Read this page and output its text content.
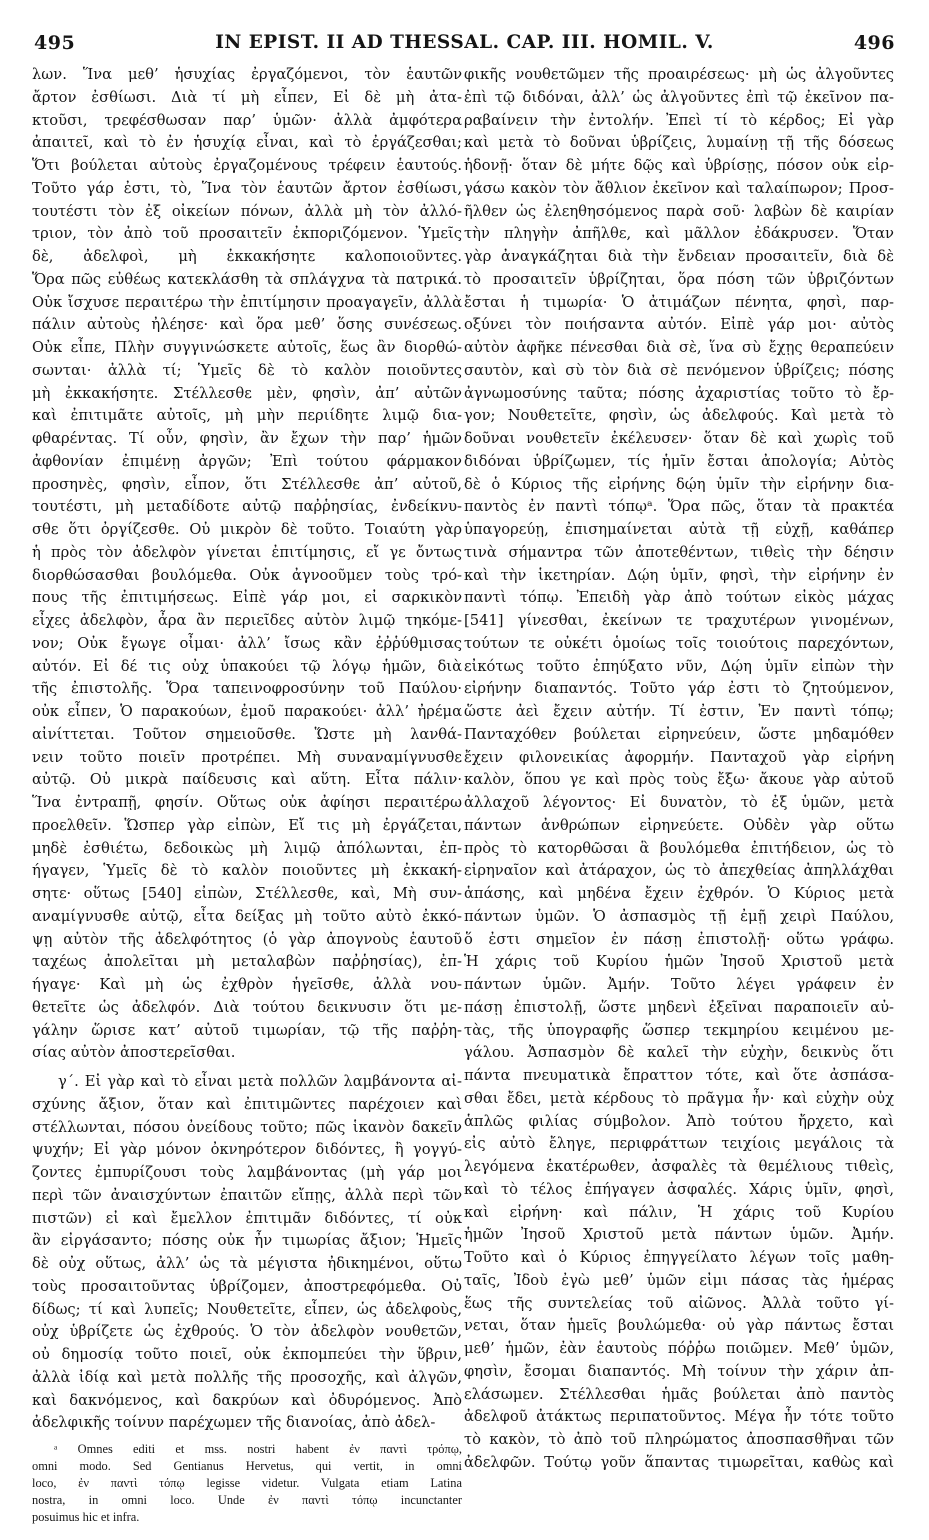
495	IN EPIST. II AD THESSAL. CAP. III. HOMIL. V.	496
λων. Ἵνα μεθ’ ἡσυχίας ἐργαζόμενοι, τὸν ἑαυτῶν
ἄρτον ἐσθίωσι. Διὰ τί μὴ εἶπεν, Εἰ δὲ μὴ ἀτα-
κτοῦσι, τρεφέσθωσαν παρ’ ὑμῶν· ἀλλὰ ἀμφότερα
ἀπαιτεῖ, καὶ τὸ ἐν ἡσυχίᾳ εἶναι, καὶ τὸ ἐργάζεσθαι;
Ὅτι βούλεται αὐτοὺς ἐργαζομένους τρέφειν ἑαυτούς.
Τοῦτο γάρ ἐστι, τὸ, Ἵνα τὸν ἑαυτῶν ἄρτον ἐσθίωσι,
τουτέστι τὸν ἐξ οἰκείων πόνων, ἀλλὰ μὴ τὸν ἀλλό-
τριον, τὸν ἀπὸ τοῦ προσαιτεῖν ἐκποριζόμενον. Ὑμεῖς
δὲ, ἀδελφοὶ, μὴ ἐκκακήσητε καλοποιοῦντες.
Ὅρα πῶς εὐθέως κατεκλάσθη τὰ σπλάγχνα τὰ πατρικά.
Οὐκ ἴσχυσε περαιτέρω τὴν ἐπιτίμησιν προαγαγεῖν, ἀλλὰ
πάλιν αὐτοὺς ἠλέησε· καὶ ὅρα μεθ’ ὅσης συνέσεως.
Οὐκ εἶπε, Πλὴν συγγινώσκετε αὐτοῖς, ἕως ἂν διορθώ-
σωνται· ἀλλὰ τί; Ὑμεῖς δὲ τὸ καλὸν ποιοῦντες
μὴ ἐκκακήσητε. Στέλλεσθε μὲν, φησὶν, ἀπ’ αὐτῶν
καὶ ἐπιτιμᾶτε αὐτοῖς, μὴ μὴν περιίδητε λιμῷ δια-
φθαρέντας. Τί οὖν, φησὶν, ἂν ἔχων τὴν παρ’ ἡμῶν
ἀφθονίαν ἐπιμένῃ ἀργῶν; Ἐπὶ τούτου φάρμακον
προσηνὲς, φησὶν, εἶπον, ὅτι Στέλλεσθε ἀπ’ αὐτοῦ,
τουτέστι, μὴ μεταδίδοτε αὐτῷ παῤῥησίας, ἐνδείκνυ-
σθε ὅτι ὀργίζεσθε. Οὐ μικρὸν δὲ τοῦτο. Τοιαύτη γὰρ
ἡ πρὸς τὸν ἀδελφὸν γίνεται ἐπιτίμησις, εἴ γε ὄντως
διορθώσασθαι βουλόμεθα. Οὐκ ἀγνοοῦμεν τοὺς τρό-
πους τῆς ἐπιτιμήσεως. Εἰπὲ γάρ μοι, εἰ σαρκικὸν
εἶχες ἀδελφὸν, ἆρα ἂν περιεῖδες αὐτὸν λιμῷ τηκόμε-
νον; Οὐκ ἔγωγε οἶμαι· ἀλλ’ ἴσως κἂν ἐῤῥύθμισας
αὐτόν. Εἰ δέ τις οὐχ ὑπακούει τῷ λόγῳ ἡμῶν, διὰ
τῆς ἐπιστολῆς. Ὅρα ταπεινοφροσύνην τοῦ Παύλου·
οὐκ εἶπεν, Ὁ παρακούων, ἐμοῦ παρακούει· ἀλλ’ ἠρέμα
αἰνίττεται. Τοῦτον σημειοῦσθε. Ὥστε μὴ λανθά-
νειν τοῦτο ποιεῖν προτρέπει. Μὴ συναναμίγνυσθε
αὐτῷ. Οὐ μικρὰ παίδευσις καὶ αὕτη. Εἶτα πάλιν·
Ἵνα ἐντραπῇ, φησίν. Οὕτως οὐκ ἀφίησι περαιτέρω
προελθεῖν. Ὥσπερ γὰρ εἰπὼν, Εἴ τις μὴ ἐργάζεται,
μηδὲ ἐσθιέτω, δεδοικὼς μὴ λιμῷ ἀπόλωνται, ἐπ-
ήγαγεν, Ὑμεῖς δὲ τὸ καλὸν ποιοῦντες μὴ ἐκκακή-
σητε· οὕτως [540] εἰπὼν, Στέλλεσθε, καὶ, Μὴ συν-
αναμίγνυσθε αὐτῷ, εἶτα δείξας μὴ τοῦτο αὐτὸ ἐκκό-
ψῃ αὐτὸν τῆς ἀδελφότητος (ὁ γὰρ ἀπογνοὺς ἑαυτοῦ
ταχέως ἀπολεῖται μὴ μεταλαβὼν παῤῥησίας), ἐπ-
ήγαγε· Καὶ μὴ ὡς ἐχθρὸν ἡγεῖσθε, ἀλλὰ νου-
θετεῖτε ὡς ἀδελφόν. Διὰ τούτου δεικνυσιν ὅτι με-
γάλην ὥρισε κατ’ αὐτοῦ τιμωρίαν, τῷ τῆς παῤῥη-
σίας αὐτὸν ἀποστερεῖσθαι.
γ΄. Εἰ γὰρ καὶ τὸ εἶναι μετὰ πολλῶν λαμβάνοντα αἰ-
σχύνης ἄξιον, ὅταν καὶ ἐπιτιμῶντες παρέχοιεν καὶ
στέλλωνται, πόσου ὀνείδους τοῦτο; πῶς ἱκανὸν δακεῖν
ψυχήν; Εἰ γὰρ μόνον ὀκνηρότερον διδόντες, ἢ γογγύ-
ζοντες ἐμπυρίζουσι τοὺς λαμβάνοντας (μὴ γάρ μοι
περὶ τῶν ἀναισχύντων ἐπαιτῶν εἴπῃς, ἀλλὰ περὶ τῶν
πιστῶν) εἰ καὶ ἔμελλον ἐπιτιμᾶν διδόντες, τί οὐκ
ἂν εἰργάσαντο; πόσης οὐκ ἦν τιμωρίας ἄξιον; Ἡμεῖς
δὲ οὐχ οὕτως, ἀλλ’ ὡς τὰ μέγιστα ἠδικημένοι, οὕτω
τοὺς προσαιτοῦντας ὑβρίζομεν, ἀποστρεφόμεθα. Οὐ
δίδως; τί καὶ λυπεῖς; Νουθετεῖτε, εἶπεν, ὡς ἀδελφοὺς,
οὐχ ὑβρίζετε ὡς ἐχθρούς. Ὁ τὸν ἀδελφὸν νουθετῶν,
οὐ δημοσίᾳ τοῦτο ποιεῖ, οὐκ ἐκπομπεύει τὴν ὕβριν,
ἀλλὰ ἰδίᾳ καὶ μετὰ πολλῆς τῆς προσοχῆς, καὶ ἀλγῶν,
καὶ δακνόμενος, καὶ δακρύων καὶ ὀδυρόμενος. Ἀπὸ
ἀδελφικῆς τοίνυν παρέχωμεν τῆς διανοίας, ἀπὸ ἀδελ-
ᵃ Omnes editi et mss. nostri habent ἐν παντὶ τρόπῳ,
omni modo. Sed Gentianus Hervetus, qui vertit, in omni
loco, ἐν παντὶ τόπῳ legisse videtur. Vulgata etiam Latina
nostra, in omni loco. Unde ἐν παντὶ τόπῳ incunctanter
posuimus hic et infra.
φικῆς νουθετῶμεν τῆς προαιρέσεως· μὴ ὡς ἀλγοῦντες
ἐπὶ τῷ διδόναι, ἀλλ’ ὡς ἀλγοῦντες ἐπὶ τῷ ἐκεῖνον πα-
ραβαίνειν τὴν ἐντολήν. Ἐπεὶ τί τὸ κέρδος; Εἰ γὰρ
καὶ μετὰ τὸ δοῦναι ὑβρίζεις, λυμαίνῃ τῇ τῆς δόσεως
ἡδονῇ· ὅταν δὲ μήτε δῷς καὶ ὑβρίσῃς, πόσον οὐκ εἰρ-
γάσω κακὸν τὸν ἄθλιον ἐκεῖνον καὶ ταλαίπωρον; Προσ-
ῆλθεν ὡς ἐλεηθησόμενος παρὰ σοῦ· λαβὼν δὲ καιρίαν
τὴν πληγὴν ἀπῆλθε, καὶ μᾶλλον ἐδάκρυσεν. Ὅταν
γὰρ ἀναγκάζηται διὰ τὴν ἔνδειαν προσαιτεῖν, διὰ δὲ
τὸ προσαιτεῖν ὑβρίζηται, ὅρα πόση τῶν ὑβριζόντων
ἔσται ἡ τιμωρία· Ὁ ἀτιμάζων πένητα, φησὶ, παρ-
οξύνει τὸν ποιήσαντα αὐτόν. Εἰπὲ γάρ μοι· αὐτὸς
αὐτὸν ἀφῆκε πένεσθαι διὰ σὲ, ἵνα σὺ ἔχῃς θεραπεύειν
σαυτὸν, καὶ σὺ τὸν διὰ σὲ πενόμενον ὑβρίζεις; πόσης
ἀγνωμοσύνης ταῦτα; πόσης ἀχαριστίας τοῦτο τὸ ἔρ-
γον; Νουθετεῖτε, φησὶν, ὡς ἀδελφούς. Καὶ μετὰ τὸ
δοῦναι νουθετεῖν ἐκέλευσεν· ὅταν δὲ καὶ χωρὶς τοῦ
διδόναι ὑβρίζωμεν, τίς ἡμῖν ἔσται ἀπολογία; Αὐτὸς
δὲ ὁ Κύριος τῆς εἰρήνης δῴη ὑμῖν τὴν εἰρήνην δια-
παντὸς ἐν παντὶ τόπῳᵃ. Ὅρα πῶς, ὅταν τὰ πρακτέα
ὑπαγορεύῃ, ἐπισημαίνεται αὐτὰ τῇ εὐχῇ, καθάπερ
τινὰ σήμαντρα τῶν ἀποτεθέντων, τιθεὶς τὴν δέησιν
καὶ τὴν ἱκετηρίαν. Δῴη ὑμῖν, φησὶ, τὴν εἰρήνην ἐν
παντὶ τόπῳ. Ἐπειδὴ γὰρ ἀπὸ τούτων εἰκὸς μάχας
[541] γίνεσθαι, ἐκείνων τε τραχυτέρων γινομένων,
τούτων τε οὐκέτι ὁμοίως τοῖς τοιούτοις παρεχόντων,
εἰκότως τοῦτο ἐπηύξατο νῦν, Δῴη ὑμῖν εἰπὼν τὴν
εἰρήνην διαπαντός. Τοῦτο γάρ ἐστι τὸ ζητούμενον,
ὥστε ἀεὶ ἔχειν αὐτήν. Τί ἐστιν, Ἐν παντὶ τόπῳ;
Πανταχόθεν βούλεται εἰρηνεύειν, ὥστε μηδαμόθεν
ἔχειν φιλονεικίας ἀφορμήν. Πανταχοῦ γὰρ εἰρήνη
καλὸν, ὅπου γε καὶ πρὸς τοὺς ἔξω· ἄκουε γὰρ αὐτοῦ
ἀλλαχοῦ λέγοντος· Εἰ δυνατὸν, τὸ ἐξ ὑμῶν, μετὰ
πάντων ἀνθρώπων εἰρηνεύετε. Οὐδὲν γὰρ οὕτω
πρὸς τὸ κατορθῶσαι ἃ βουλόμεθα ἐπιτήδειον, ὡς τὸ
εἰρηναῖον καὶ ἀτάραχον, ὡς τὸ ἀπεχθείας ἀπηλλάχθαι
ἁπάσης, καὶ μηδένα ἔχειν ἐχθρόν. Ὁ Κύριος μετὰ
πάντων ὑμῶν. Ὁ ἀσπασμὸς τῇ ἐμῇ χειρὶ Παύλου,
ὅ ἐστι σημεῖον ἐν πάσῃ ἐπιστολῇ· οὕτω γράφω.
Ἡ χάρις τοῦ Κυρίου ἡμῶν Ἰησοῦ Χριστοῦ μετὰ
πάντων ὑμῶν. Ἀμήν. Τοῦτο λέγει γράφειν ἐν
πάσῃ ἐπιστολῇ, ὥστε μηδενὶ ἐξεῖναι παραποιεῖν αὐ-
τὰς, τῆς ὑπογραφῆς ὥσπερ τεκμηρίου κειμένου με-
γάλου. Ἀσπασμὸν δὲ καλεῖ τὴν εὐχὴν, δεικνὺς ὅτι
πάντα πνευματικὰ ἔπραττον τότε, καὶ ὅτε ἀσπάσα-
σθαι ἔδει, μετὰ κέρδους τὸ πρᾶγμα ἦν· καὶ εὐχὴν οὐχ
ἁπλῶς φιλίας σύμβολον. Ἀπὸ τούτου ἤρχετο, καὶ
εἰς αὐτὸ ἔληγε, περιφράττων τειχίοις μεγάλοις τὰ
λεγόμενα ἑκατέρωθεν, ἀσφαλὲς τὰ θεμέλιους τιθεὶς,
καὶ τὸ τέλος ἐπήγαγεν ἀσφαλές. Χάρις ὑμῖν, φησὶ,
καὶ εἰρήνη· καὶ πάλιν, Ἡ χάρις τοῦ Κυρίου
ἡμῶν Ἰησοῦ Χριστοῦ μετὰ πάντων ὑμῶν. Ἀμήν.
Τοῦτο καὶ ὁ Κύριος ἐπηγγείλατο λέγων τοῖς μαθη-
ταῖς, Ἰδοὺ ἐγὼ μεθ’ ὑμῶν εἰμι πάσας τὰς ἡμέρας
ἕως τῆς συντελείας τοῦ αἰῶνος. Ἀλλὰ τοῦτο γί-
νεται, ὅταν ἡμεῖς βουλώμεθα· οὐ γὰρ πάντως ἔσται
μεθ’ ἡμῶν, ἐὰν ἑαυτοὺς πόῤῥω ποιῶμεν. Μεθ’ ὑμῶν,
φησὶν, ἔσομαι διαπαντός. Μὴ τοίνυν τὴν χάριν ἀπ-
ελάσωμεν. Στέλλεσθαι ἡμᾶς βούλεται ἀπὸ παντὸς
ἀδελφοῦ ἀτάκτως περιπατοῦντος. Μέγα ἦν τότε τοῦτο
τὸ κακὸν, τὸ ἀπὸ τοῦ πληρώματος ἀποσπασθῆναι τῶν
ἀδελφῶν. Τούτῳ γοῦν ἅπαντας τιμωρεῖται, καθὼς καὶ
